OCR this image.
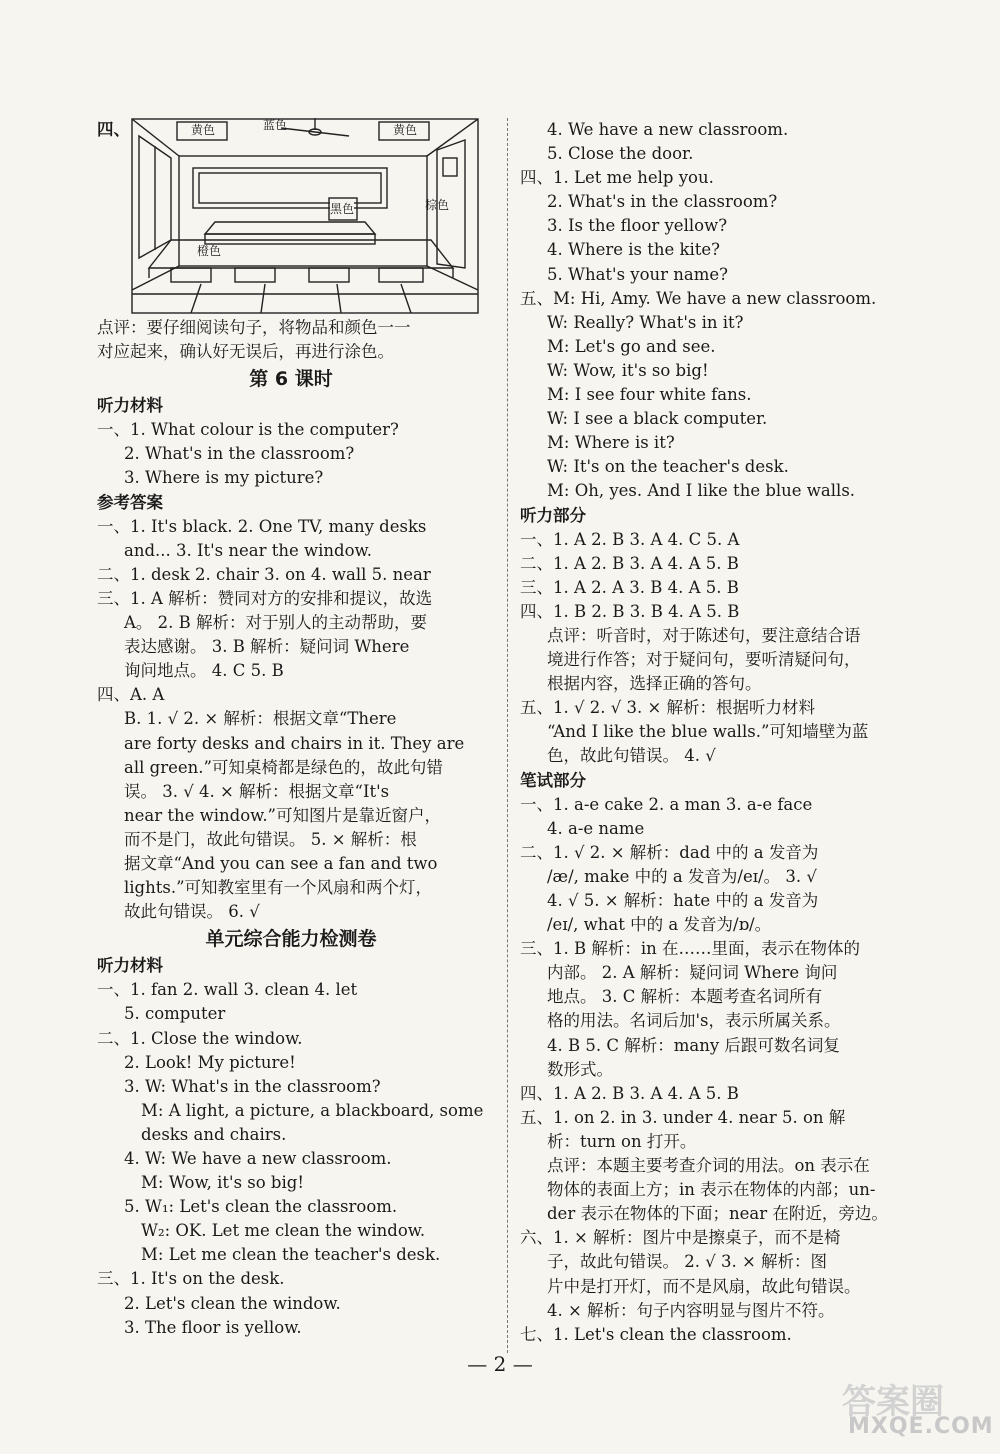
四、	黄色	蓝色	黄色
黑色	棕色
橙色
点评：要仔细阅读句子，将物品和颜色一一
对应起来，确认好无误后，再进行涂色。
第 6 课时
听力材料
一、1. What colour is the computer?
2. What's in the classroom?
3. Where is my picture?
参考答案
一、1. It's black. 2. One TV, many desks
and... 3. It's near the window.
二、1. desk 2. chair 3. on 4. wall 5. near
三、1. A 解析：赞同对方的安排和提议，故选
A。 2. B 解析：对于别人的主动帮助，要
表达感谢。 3. B 解析：疑问词 Where
询问地点。 4. C 5. B
四、A. A
B. 1. √ 2. × 解析：根据文章“There
are forty desks and chairs in it. They are
all green.”可知桌椅都是绿色的，故此句错
误。 3. √ 4. × 解析：根据文章“It's
near the window.”可知图片是靠近窗户，
而不是门，故此句错误。 5. × 解析：根
据文章“And you can see a fan and two
lights.”可知教室里有一个风扇和两个灯，
故此句错误。 6. √
单元综合能力检测卷
听力材料
一、1. fan 2. wall 3. clean 4. let
5. computer
二、1. Close the window.
2. Look! My picture!
3. W: What's in the classroom?
M: A light, a picture, a blackboard, some
desks and chairs.
4. W: We have a new classroom.
M: Wow, it's so big!
5. W₁: Let's clean the classroom.
W₂: OK. Let me clean the window.
M: Let me clean the teacher's desk.
三、1. It's on the desk.
2. Let's clean the window.
3. The floor is yellow.
4. We have a new classroom.
5. Close the door.
四、1. Let me help you.
2. What's in the classroom?
3. Is the floor yellow?
4. Where is the kite?
5. What's your name?
五、M: Hi, Amy. We have a new classroom.
W: Really? What's in it?
M: Let's go and see.
W: Wow, it's so big!
M: I see four white fans.
W: I see a black computer.
M: Where is it?
W: It's on the teacher's desk.
M: Oh, yes. And I like the blue walls.
听力部分
一、1. A 2. B 3. A 4. C 5. A
二、1. A 2. B 3. A 4. A 5. B
三、1. A 2. A 3. B 4. A 5. B
四、1. B 2. B 3. B 4. A 5. B
点评：听音时，对于陈述句，要注意结合语
境进行作答；对于疑问句，要听清疑问句，
根据内容，选择正确的答句。
五、1. √ 2. √ 3. × 解析：根据听力材料
“And I like the blue walls.”可知墙壁为蓝
色，故此句错误。 4. √
笔试部分
一、1. a-e cake 2. a man 3. a-e face
4. a-e name
二、1. √ 2. × 解析：dad 中的 a 发音为
/æ/, make 中的 a 发音为/eɪ/。 3. √
4. √ 5. × 解析：hate 中的 a 发音为
/eɪ/, what 中的 a 发音为/ɒ/。
三、1. B 解析：in 在……里面，表示在物体的
内部。 2. A 解析：疑问词 Where 询问
地点。 3. C 解析：本题考查名词所有
格的用法。名词后加's，表示所属关系。
4. B 5. C 解析：many 后跟可数名词复
数形式。
四、1. A 2. B 3. A 4. A 5. B
五、1. on 2. in 3. under 4. near 5. on 解
析：turn on 打开。
点评：本题主要考查介词的用法。on 表示在
物体的表面上方；in 表示在物体的内部；un-
der 表示在物体的下面；near 在附近，旁边。
六、1. × 解析：图片中是擦桌子，而不是椅
子，故此句错误。 2. √ 3. × 解析：图
片中是打开灯，而不是风扇，故此句错误。
4. × 解析：句子内容明显与图片不符。
七、1. Let's clean the classroom.
— 2 —
答案圈
MXQE.COM
